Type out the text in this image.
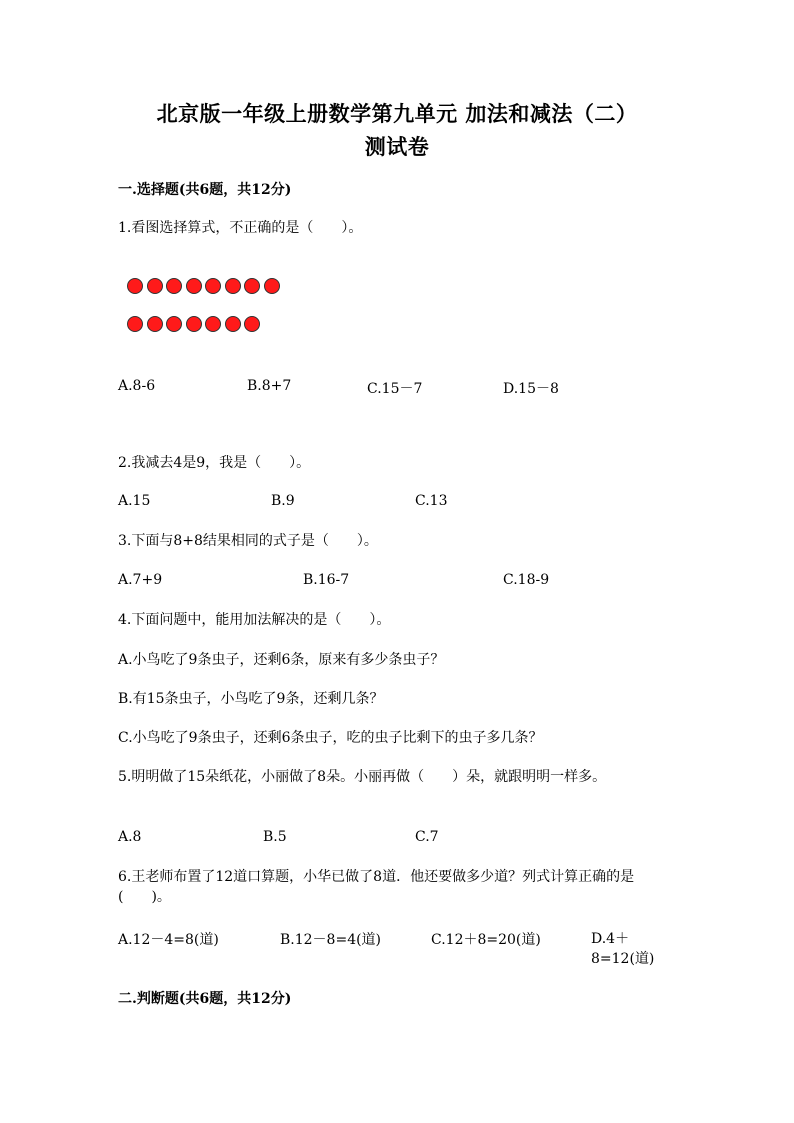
北京版一年级上册数学第九单元 加法和减法（二）
测试卷
一.选择题(共6题，共12分)
1.看图选择算式，不正确的是（　　）。
A.8-6	B.8+7	C.15－7	D.15－8
2.我减去4是9，我是（　　）。
A.15	B.9	C.13
3.下面与8+8结果相同的式子是（　　）。
A.7+9	B.16-7	C.18-9
4.下面问题中，能用加法解决的是（　　）。
A.小鸟吃了9条虫子，还剩6条，原来有多少条虫子？
B.有15条虫子，小鸟吃了9条，还剩几条？
C.小鸟吃了9条虫子，还剩6条虫子，吃的虫子比剩下的虫子多几条？
5.明明做了15朵纸花，小丽做了8朵。小丽再做（　　）朵，就跟明明一样多。
A.8	B.5	C.7
6.王老师布置了12道口算题，小华已做了8道．他还要做多少道？列式计算正确的是(　　)。
A.12－4=8(道)	B.12－8=4(道)	C.12＋8=20(道)	D.4＋8=12(道)
二.判断题(共6题，共12分)
